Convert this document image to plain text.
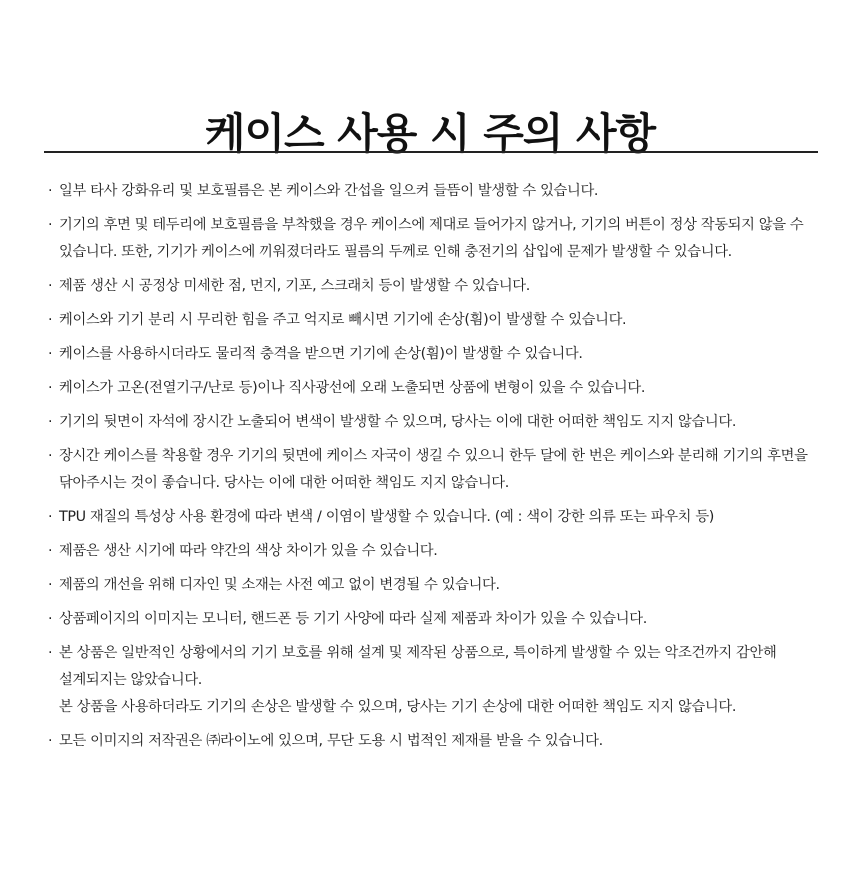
케이스 사용 시 주의 사항
· 일부 타사 강화유리 및 보호필름은 본 케이스와 간섭을 일으켜 들뜸이 발생할 수 있습니다.
· 기기의 후면 및 테두리에 보호필름을 부착했을 경우 케이스에 제대로 들어가지 않거나, 기기의 버튼이 정상 작동되지 않을 수
있습니다. 또한, 기기가 케이스에 끼워졌더라도 필름의 두께로 인해 충전기의 삽입에 문제가 발생할 수 있습니다.
· 제품 생산 시 공정상 미세한 점, 먼지, 기포, 스크래치 등이 발생할 수 있습니다.
· 케이스와 기기 분리 시 무리한 힘을 주고 억지로 빼시면 기기에 손상(흼)이 발생할 수 있습니다.
· 케이스를 사용하시더라도 물리적 충격을 받으면 기기에 손상(흼)이 발생할 수 있습니다.
· 케이스가 고온(전열기구/난로 등)이나 직사광선에 오래 노출되면 상품에 변형이 있을 수 있습니다.
· 기기의 뒷면이 자석에 장시간 노출되어 변색이 발생할 수 있으며, 당사는 이에 대한 어떠한 책임도 지지 않습니다.
· 장시간 케이스를 착용할 경우 기기의 뒷면에 케이스 자국이 생길 수 있으니 한두 달에 한 번은 케이스와 분리해 기기의 후면을
닦아주시는 것이 좋습니다. 당사는 이에 대한 어떠한 책임도 지지 않습니다.
· TPU 재질의 특성상 사용 환경에 따라 변색 / 이염이 발생할 수 있습니다. (예 : 색이 강한 의류 또는 파우치 등)
· 제품은 생산 시기에 따라 약간의 색상 차이가 있을 수 있습니다.
· 제품의 개선을 위해 디자인 및 소재는 사전 예고 없이 변경될 수 있습니다.
· 상품페이지의 이미지는 모니터, 핸드폰 등 기기 사양에 따라 실제 제품과 차이가 있을 수 있습니다.
· 본 상품은 일반적인 상황에서의 기기 보호를 위해 설계 및 제작된 상품으로, 특이하게 발생할 수 있는 악조건까지 감안해
설계되지는 않았습니다.
본 상품을 사용하더라도 기기의 손상은 발생할 수 있으며, 당사는 기기 손상에 대한 어떠한 책임도 지지 않습니다.
· 모든 이미지의 저작권은 ㈜라이노에 있으며, 무단 도용 시 법적인 제재를 받을 수 있습니다.
